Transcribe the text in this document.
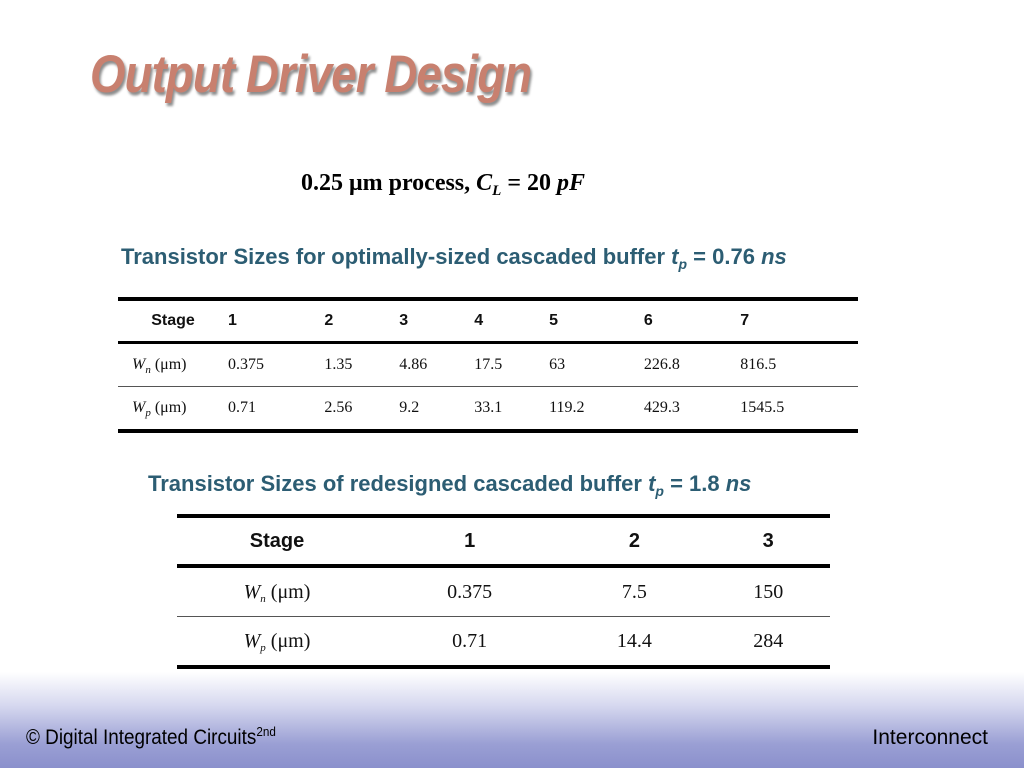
Output Driver Design
0.25 μm process, $C_L = 20$ pF
Transistor Sizes for optimally-sized cascaded buffer $t_p = 0.76$ ns
Stage	1	2	3	4	5	6	7
$W_n$ (μm)	0.375	1.35	4.86	17.5	63	226.8	816.5
$W_p$ (μm)	0.71	2.56	9.2	33.1	119.2	429.3	1545.5
Transistor Sizes of redesigned cascaded buffer $t_p = 1.8$ ns
Stage	1	2	3
$W_n$ (μm)	0.375	7.5	150
$W_p$ (μm)	0.71	14.4	284
© Digital Integrated Circuits$^{2nd}$	Interconnect
